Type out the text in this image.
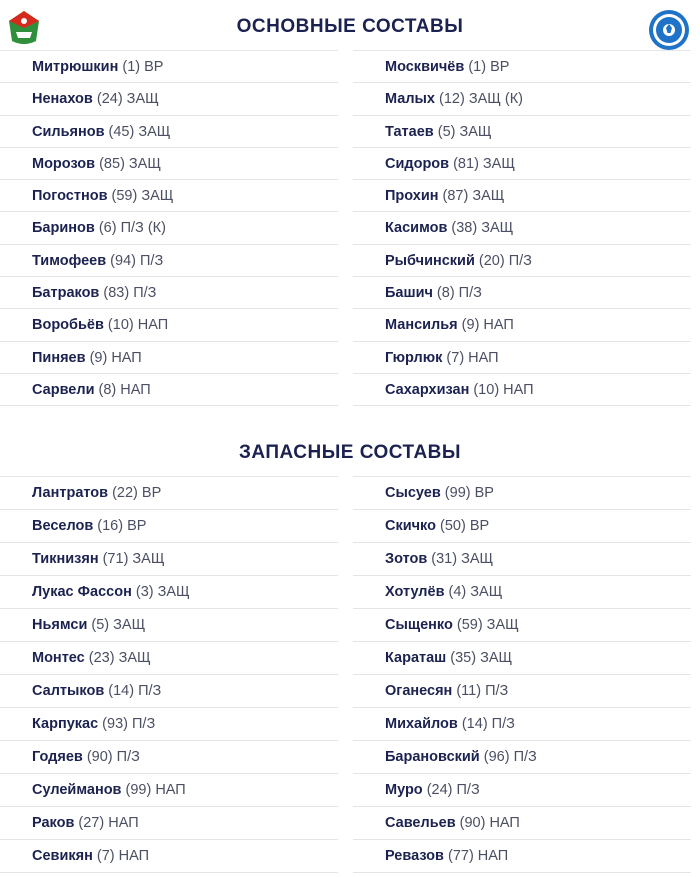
ОСНОВНЫЕ СОСТАВЫ
Митрюшкин (1) ВР
Ненахов (24) ЗАЩ
Сильянов (45) ЗАЩ
Морозов (85) ЗАЩ
Погостнов (59) ЗАЩ
Баринов (6) П/З (К)
Тимофеев (94) П/З
Батраков (83) П/З
Воробьёв (10) НАП
Пиняев (9) НАП
Сарвели (8) НАП
Москвичёв (1) ВР
Малых (12) ЗАЩ (К)
Татаев (5) ЗАЩ
Сидоров (81) ЗАЩ
Прохин (87) ЗАЩ
Касимов (38) ЗАЩ
Рыбчинский (20) П/З
Башич (8) П/З
Мансилья (9) НАП
Гюрлюк (7) НАП
Сахархизан (10) НАП
ЗАПАСНЫЕ СОСТАВЫ
Лантратов (22) ВР
Веселов (16) ВР
Тикнизян (71) ЗАЩ
Лукас Фассон (3) ЗАЩ
Ньямси (5) ЗАЩ
Монтес (23) ЗАЩ
Салтыков (14) П/З
Карпукас (93) П/З
Годяев (90) П/З
Сулейманов (99) НАП
Раков (27) НАП
Севикян (7) НАП
Сысуев (99) ВР
Скичко (50) ВР
Зотов (31) ЗАЩ
Хотулёв (4) ЗАЩ
Сыщенко (59) ЗАЩ
Караташ (35) ЗАЩ
Оганесян (11) П/З
Михайлов (14) П/З
Барановский (96) П/З
Муро (24) П/З
Савельев (90) НАП
Ревазов (77) НАП
